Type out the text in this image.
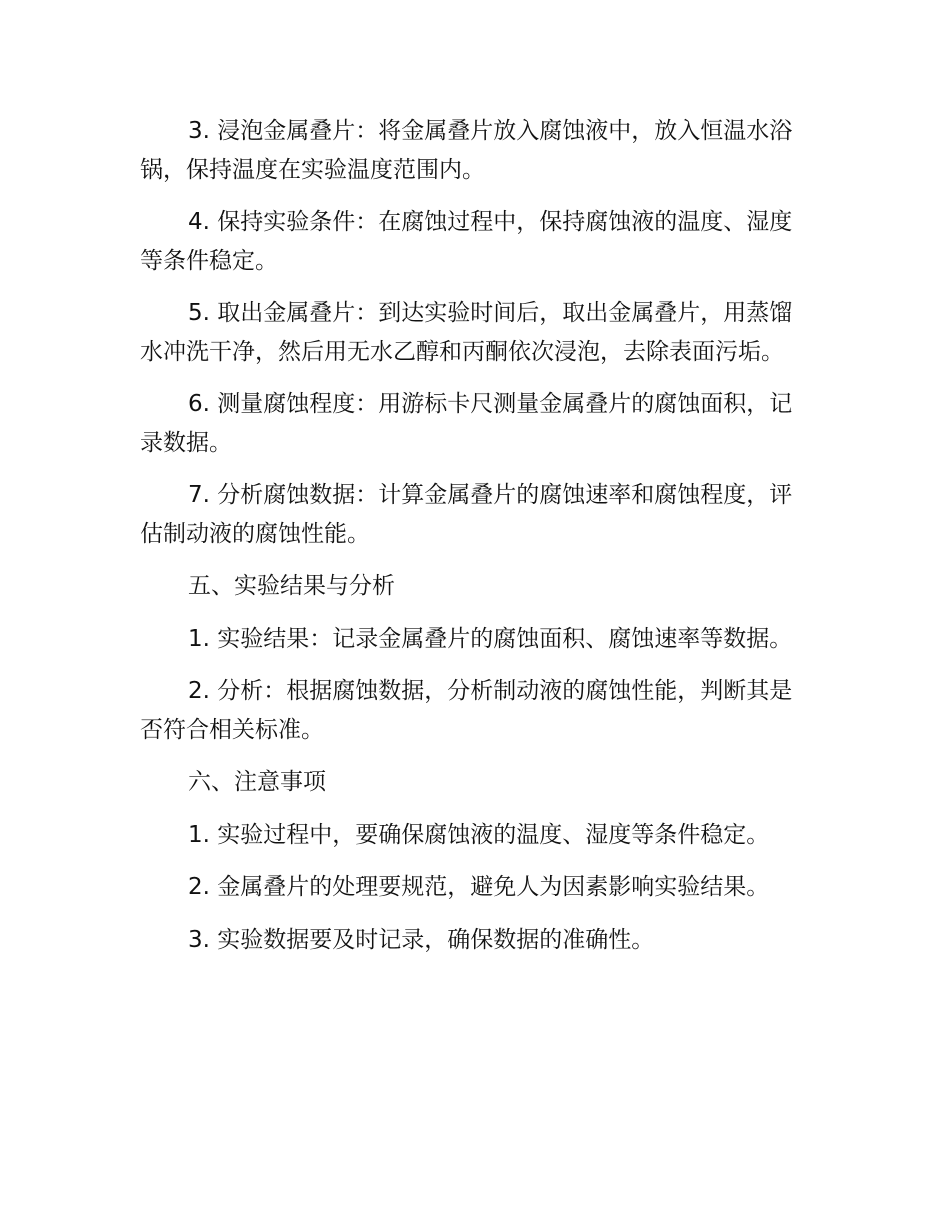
3. 浸泡金属叠片：将金属叠片放入腐蚀液中，放入恒温水浴锅，保持温度在实验温度范围内。

4. 保持实验条件：在腐蚀过程中，保持腐蚀液的温度、湿度等条件稳定。

5. 取出金属叠片：到达实验时间后，取出金属叠片，用蒸馏水冲洗干净，然后用无水乙醇和丙酮依次浸泡，去除表面污垢。

6. 测量腐蚀程度：用游标卡尺测量金属叠片的腐蚀面积，记录数据。

7. 分析腐蚀数据：计算金属叠片的腐蚀速率和腐蚀程度，评估制动液的腐蚀性能。

五、实验结果与分析

1. 实验结果：记录金属叠片的腐蚀面积、腐蚀速率等数据。

2. 分析：根据腐蚀数据，分析制动液的腐蚀性能，判断其是否符合相关标准。

六、注意事项

1. 实验过程中，要确保腐蚀液的温度、湿度等条件稳定。

2. 金属叠片的处理要规范，避免人为因素影响实验结果。

3. 实验数据要及时记录，确保数据的准确性。
